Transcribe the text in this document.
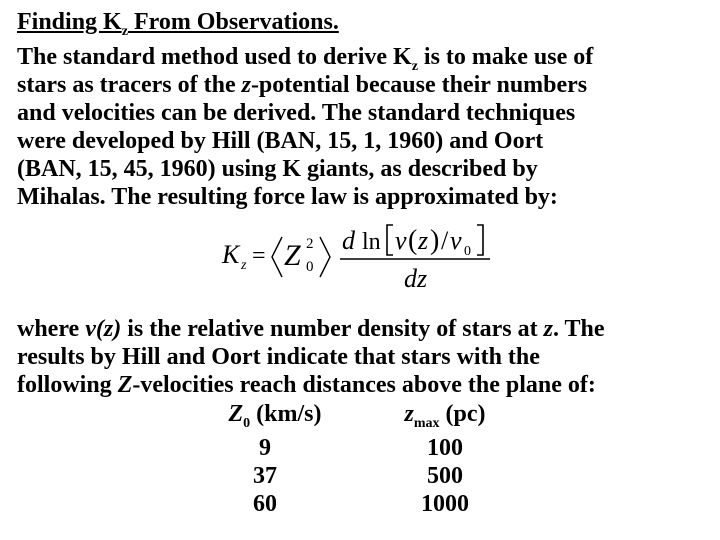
Finding $K_z$ From Observations.
The standard method used to derive $K_z$ is to make use of
stars as tracers of the z-potential because their numbers
and velocities can be derived. The standard techniques
were developed by Hill (BAN, 15, 1, 1960) and Oort
(BAN, 15, 45, 1960) using K giants, as described by
Mihalas. The resulting force law is approximated by:
K z = Z 2
0
d ln ν ( z ) / ν 0
dz
where ν(z) is the relative number density of stars at z. The
results by Hill and Oort indicate that stars with the
following Z-velocities reach distances above the plane of:
$Z_0$ (km/s)	$z_{max}$ (pc)
9	100
37	500
60	1000
